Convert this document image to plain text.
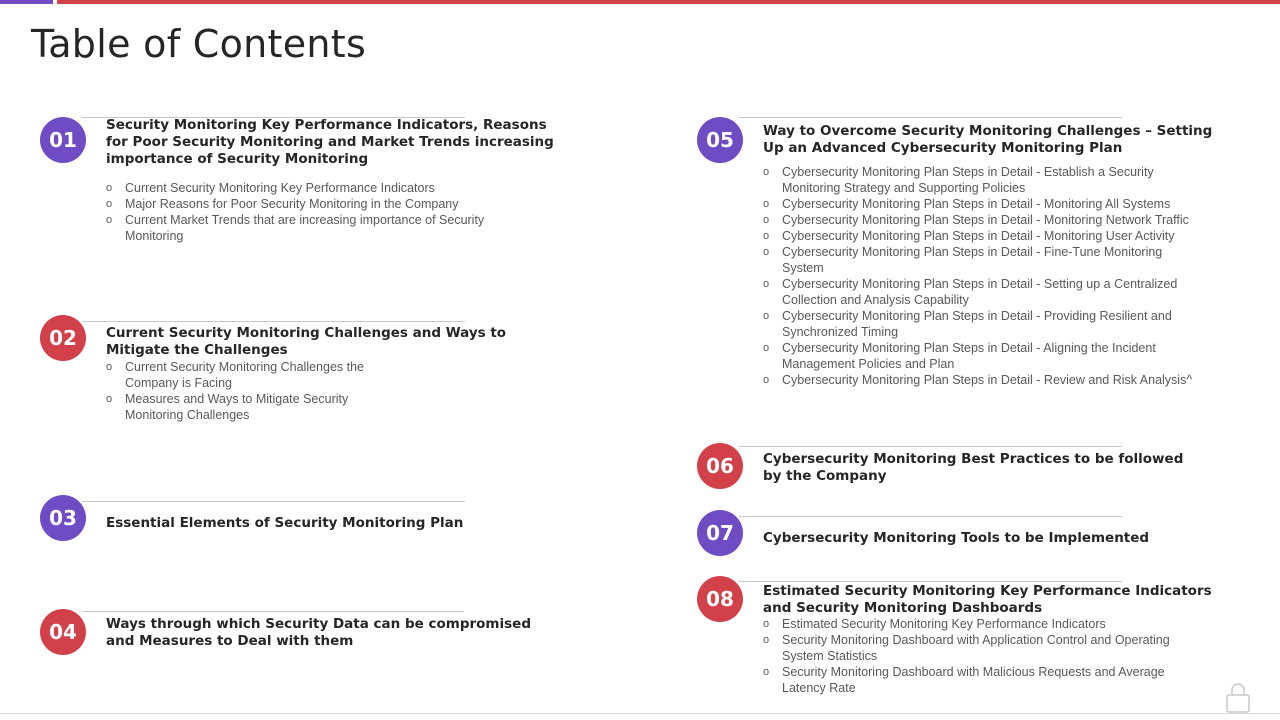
Table of Contents
01
Security Monitoring Key Performance Indicators, Reasons for Poor Security Monitoring and Market Trends increasing importance of Security Monitoring
o Current Security Monitoring Key Performance Indicators
o Major Reasons for Poor Security Monitoring in the Company
o Current Market Trends that are increasing importance of Security Monitoring
02	Current Security Monitoring Challenges and Ways to Mitigate the Challenges
o Current Security Monitoring Challenges the Company is Facing
o Measures and Ways to Mitigate Security Monitoring Challenges
03	Essential Elements of Security Monitoring Plan
04	Ways through which Security Data can be compromised and Measures to Deal with them
05	Way to Overcome Security Monitoring Challenges – Setting Up an Advanced Cybersecurity Monitoring Plan
o Cybersecurity Monitoring Plan Steps in Detail - Establish a Security Monitoring Strategy and Supporting Policies
o Cybersecurity Monitoring Plan Steps in Detail - Monitoring All Systems
o Cybersecurity Monitoring Plan Steps in Detail - Monitoring Network Traffic
o Cybersecurity Monitoring Plan Steps in Detail - Monitoring User Activity
o Cybersecurity Monitoring Plan Steps in Detail - Fine-Tune Monitoring System
o Cybersecurity Monitoring Plan Steps in Detail - Setting up a Centralized Collection and Analysis Capability
o Cybersecurity Monitoring Plan Steps in Detail - Providing Resilient and Synchronized Timing
o Cybersecurity Monitoring Plan Steps in Detail - Aligning the Incident Management Policies and Plan
o Cybersecurity Monitoring Plan Steps in Detail - Review and Risk Analysis^
06	Cybersecurity Monitoring Best Practices to be followed by the Company
07	Cybersecurity Monitoring Tools to be Implemented
08	Estimated Security Monitoring Key Performance Indicators and Security Monitoring Dashboards
o Estimated Security Monitoring Key Performance Indicators
o Security Monitoring Dashboard with Application Control and Operating System Statistics
o Security Monitoring Dashboard with Malicious Requests and Average Latency Rate
